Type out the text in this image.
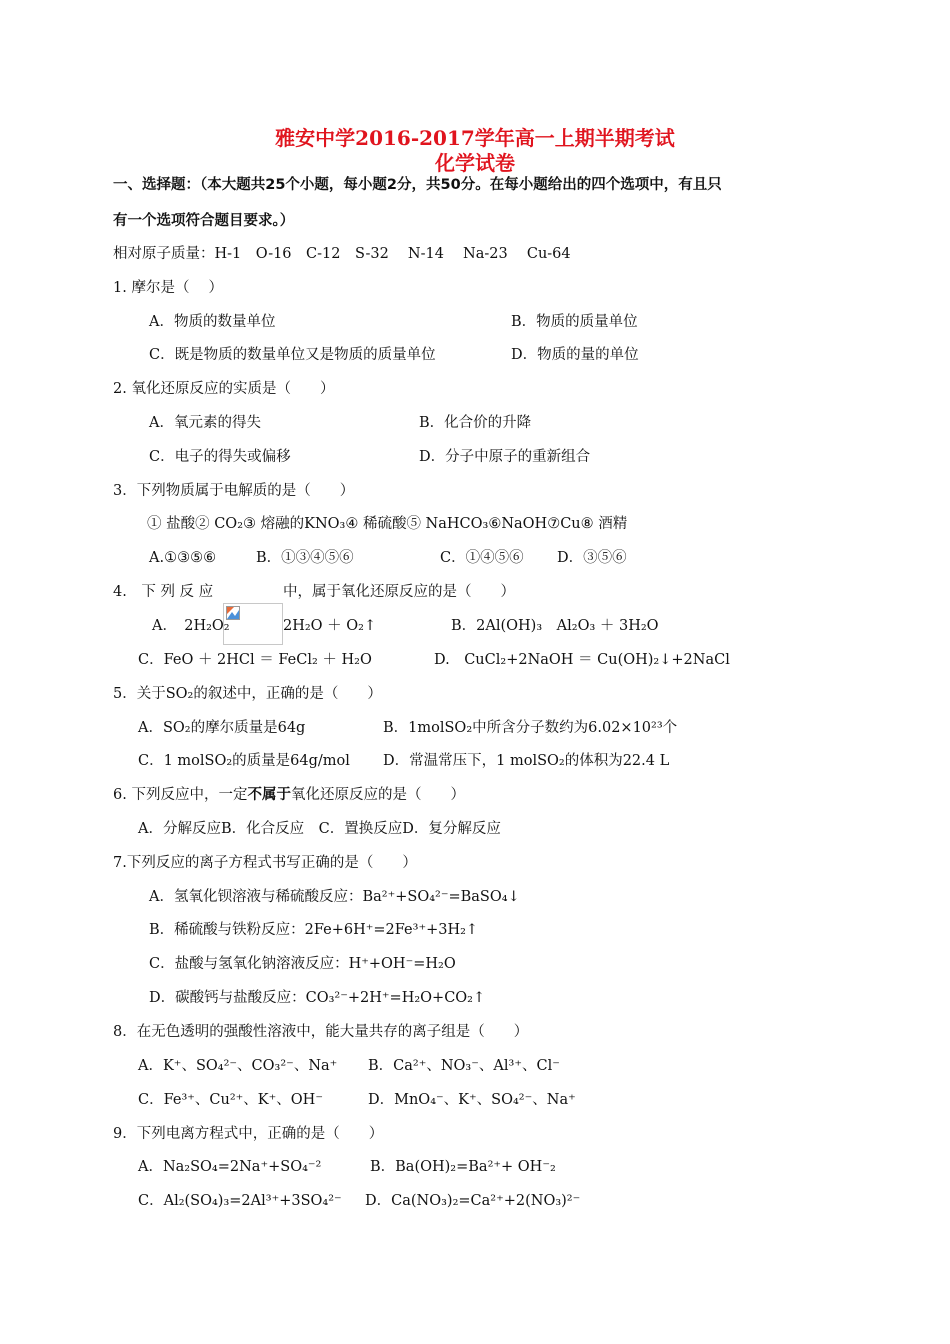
雅安中学2016-2017学年高一上期半期考试
化学试卷
一、选择题：（本大题共25个小题，每小题2分，共50分。在每小题给出的四个选项中，有且只
有一个选项符合题目要求。）
相对原子质量：H-1　O-16　C-12　S-32　 N-14　 Na-23　 Cu-64
1. 摩尔是（　 ）
A．物质的数量单位	B．物质的质量单位
C．既是物质的数量单位又是物质的质量单位	D．物质的量的单位
2. 氧化还原反应的实质是（　　）
A．氧元素的得失	B．化合价的升降
C．电子的得失或偏移	D．分子中原子的重新组合
3．下列物质属于电解质的是（　　）
① 盐酸② CO₂③ 熔融的KNO₃④ 稀硫酸⑤ NaHCO₃⑥NaOH⑦Cu⑧ 酒精
A.①③⑤⑥	B．①③④⑤⑥	C．①④⑤⑥ D．③⑤⑥
4.　下 列 反 应	中，属于氧化还原反应的是（　　）
A．　2H₂O₂	2H₂O ＋ O₂↑	B．2Al(OH)₃　Al₂O₃ ＋ 3H₂O
C．FeO ＋ 2HCl ＝ FeCl₂ ＋ H₂O	D.　CuCl₂+2NaOH ＝ Cu(OH)₂↓+2NaCl
5．关于SO₂的叙述中，正确的是（　　）
A．SO₂的摩尔质量是64g	B．1molSO₂中所含分子数约为6.02×10²³个
C．1 molSO₂的质量是64g/mol D．常温常压下，1 molSO₂的体积为22.4 L
6. 下列反应中，一定不属于氧化还原反应的是（　　）
A．分解反应B．化合反应　C．置换反应D．复分解反应
7.下列反应的离子方程式书写正确的是（　　）
A．氢氧化钡溶液与稀硫酸反应：Ba²⁺+SO₄²⁻=BaSO₄↓
B．稀硫酸与铁粉反应：2Fe+6H⁺=2Fe³⁺+3H₂↑
C．盐酸与氢氧化钠溶液反应：H⁺+OH⁻=H₂O
D．碳酸钙与盐酸反应：CO₃²⁻+2H⁺=H₂O+CO₂↑
8．在无色透明的强酸性溶液中，能大量共存的离子组是（　　）
A．K⁺、SO₄²⁻、CO₃²⁻、Na⁺ B．Ca²⁺、NO₃⁻、Al³⁺、Cl⁻
C．Fe³⁺、Cu²⁺、K⁺、OH⁻	D．MnO₄⁻、K⁺、SO₄²⁻、Na⁺
9．下列电离方程式中，正确的是（　　）
A．Na₂SO₄=2Na⁺+SO₄⁻²	B．Ba(OH)₂=Ba²⁺+ OH⁻₂
C．Al₂(SO₄)₃=2Al³⁺+3SO₄²⁻ D．Ca(NO₃)₂=Ca²⁺+2(NO₃)²⁻
